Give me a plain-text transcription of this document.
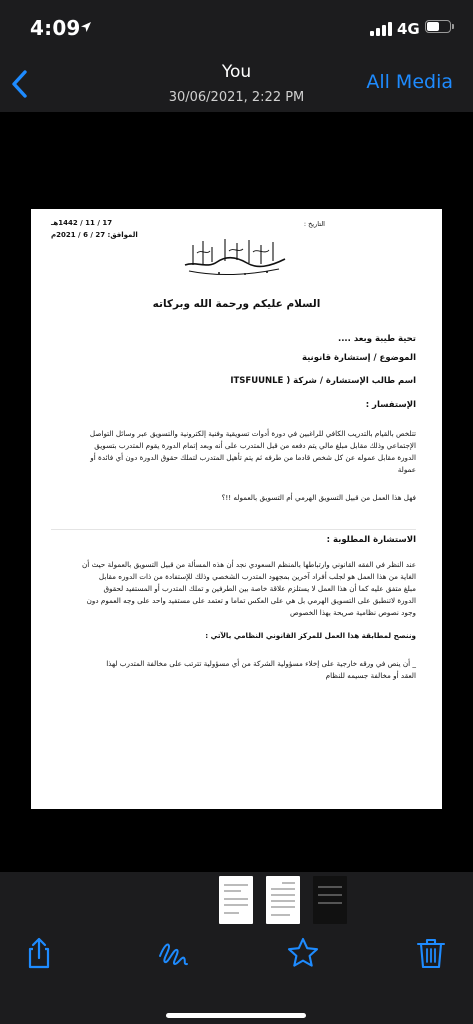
4:09	4G
You
30/06/2021, 2:22 PM
All Media
التاريخ :
17 / 11 / 1442هـ
الموافق: 27 / 6 / 2021م
السلام عليكم ورحمة الله وبركاته
تحية طيبة وبعد ....
الموضوع / إستشارة قانونية
اسم طالب الإستشارة / شركة ( ITSFUUNLE
الإستفسار :
تتلخص بالقيام بالتدريب الكافي للراغبين في دورة أدوات تسويقية وفنية إلكترونية والتسويق عبر وسائل التواصل
الإجتماعي وذلك مقابل مبلغ مالي يتم دفعه من قبل المتدرب على أنه وبعد إتمام الدورة يقوم المتدرب بتسويق
الدورة مقابل عموله عن كل شخص قادما من طرفه ثم يتم تأهيل المتدرب لتملك حقوق الدورة دون أي فائدة أو
عمولة
فهل هذا العمل من قبيل التسويق الهرمي أم التسويق بالعموله !!؟
الاستشارة المطلوبة :
عند النظر في الفقه القانوني وارتباطها بالمنظم السعودي نجد أن هذه المسألة من قبيل التسويق بالعمولة حيث أن
الغاية من هذا العمل هو لجلب أفراد آخرين بمجهود المتدرب الشخصي وذلك للإستفادة من ذات الدوره مقابل
مبلغ متفق عليه كما أن هذا العمل لا يستلزم علاقة خاصة بين الطرفين و تملك المتدرب أو المستفيد لحقوق
الدورة لاتنطبق على التسويق الهرمي بل هي على العكس تماما و تعتمد على مستفيد واحد على وجه العموم دون
وجود نصوص نظامية صريحة بهذا الخصوص
وننصح لمطابقة هذا العمل للمركز القانوني النظامي بالآتي :
_ أن ينص في ورقه خارجية على إخلاء مسؤولية الشركة من أي مسؤولية تترتب على مخالفة المتدرب لهذا
العقد أو مخالفة جسيمه للنظام
